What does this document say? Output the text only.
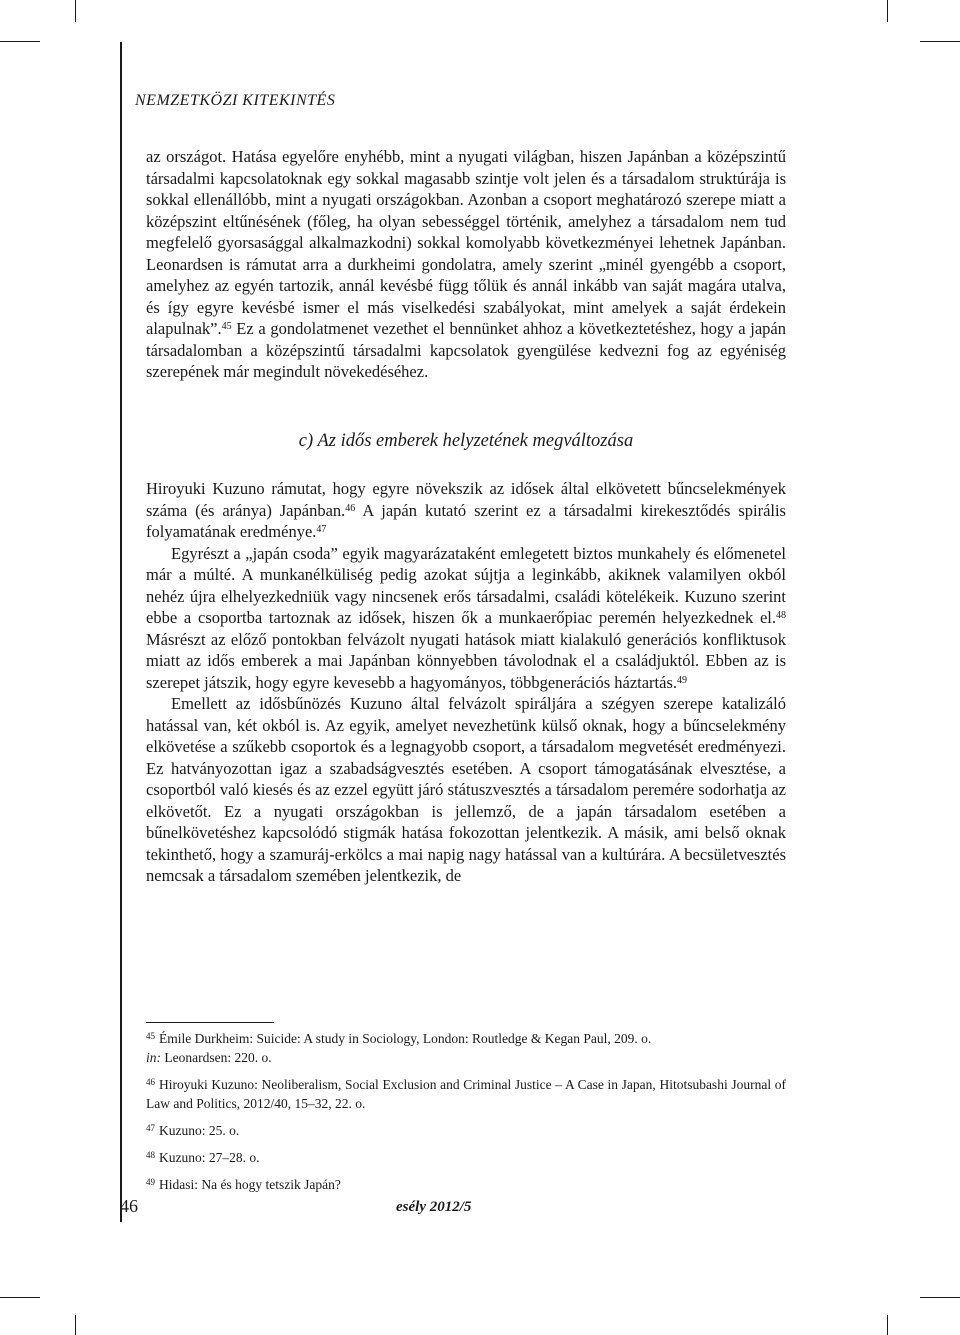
NEMZETKÖZI KITEKINTÉS

az országot. Hatása egyelőre enyhébb, mint a nyugati világban, hiszen Japánban a középszintű társadalmi kapcsolatoknak egy sokkal magasabb szintje volt jelen és a társadalom struktúrája is sokkal ellenállóbb, mint a nyugati országokban. Azonban a csoport meghatározó szerepe miatt a középszint eltűnésének (főleg, ha olyan sebességgel történik, amelyhez a társadalom nem tud megfelelő gyorsasággal alkalmazkodni) sokkal komolyabb következményei lehetnek Japánban. Leonardsen is rámutat arra a durkheimi gondolatra, amely szerint „minél gyengébb a csoport, amelyhez az egyén tartozik, annál kevésbé függ tőlük és annál inkább van saját magára utalva, és így egyre kevésbé ismer el más viselkedési szabályokat, mint amelyek a saját érdekein alapulnak”.$^{45}$ Ez a gondolatmenet vezethet el bennünket ahhoz a következtetéshez, hogy a japán társadalomban a középszintű társadalmi kapcsolatok gyengülése kedvezni fog az egyéniség szerepének már megindult növekedéséhez.

c) Az idős emberek helyzetének megváltozása

Hiroyuki Kuzuno rámutat, hogy egyre növekszik az idősek által elkövetett bűncselekmények száma (és aránya) Japánban.$^{46}$ A japán kutató szerint ez a társadalmi kirekesztődés spirális folyamatának eredménye.$^{47}$

Egyrészt a „japán csoda” egyik magyarázataként emlegetett biztos munkahely és előmenetel már a múlté. A munkanélküliség pedig azokat sújtja a leginkább, akiknek valamilyen okból nehéz újra elhelyezkedniük vagy nincsenek erős társadalmi, családi kötelékeik. Kuzuno szerint ebbe a csoportba tartoznak az idősek, hiszen ők a munkaerőpiac peremén helyezkednek el.$^{48}$ Másrészt az előző pontokban felvázolt nyugati hatások miatt kialakuló generációs konfliktusok miatt az idős emberek a mai Japánban könnyebben távolodnak el a családjuktól. Ebben az is szerepet játszik, hogy egyre kevesebb a hagyományos, többgenerációs háztartás.$^{49}$

Emellett az idősbűnözés Kuzuno által felvázolt spiráljára a szégyen szerepe katalizáló hatással van, két okból is. Az egyik, amelyet nevezhetünk külső oknak, hogy a bűncselekmény elkövetése a szűkebb csoportok és a legnagyobb csoport, a társadalom megvetését eredményezi. Ez hatványozottan igaz a szabadságvesztés esetében. A csoport támogatásának elvesztése, a csoportból való kiesés és az ezzel együtt járó státuszvesztés a társadalom peremére sodorhatja az elkövetőt. Ez a nyugati országokban is jellemző, de a japán társadalom esetében a bűnelkövetéshez kapcsolódó stigmák hatása fokozottan jelentkezik. A másik, ami belső oknak tekinthető, hogy a szamuráj-erkölcs a mai napig nagy hatással van a kultúrára. A becsületvesztés nemcsak a társadalom szemében jelentkezik, de

$^{45}$ Émile Durkheim: Suicide: A study in Sociology, London: Routledge & Kegan Paul, 209. o.
in: Leonardsen: 220. o.
$^{46}$ Hiroyuki Kuzuno: Neoliberalism, Social Exclusion and Criminal Justice – A Case in Japan, Hitotsubashi Journal of Law and Politics, 2012/40, 15–32, 22. o.
$^{47}$ Kuzuno: 25. o.
$^{48}$ Kuzuno: 27–28. o.
$^{49}$ Hidasi: Na és hogy tetszik Japán?
46	esély 2012/5
